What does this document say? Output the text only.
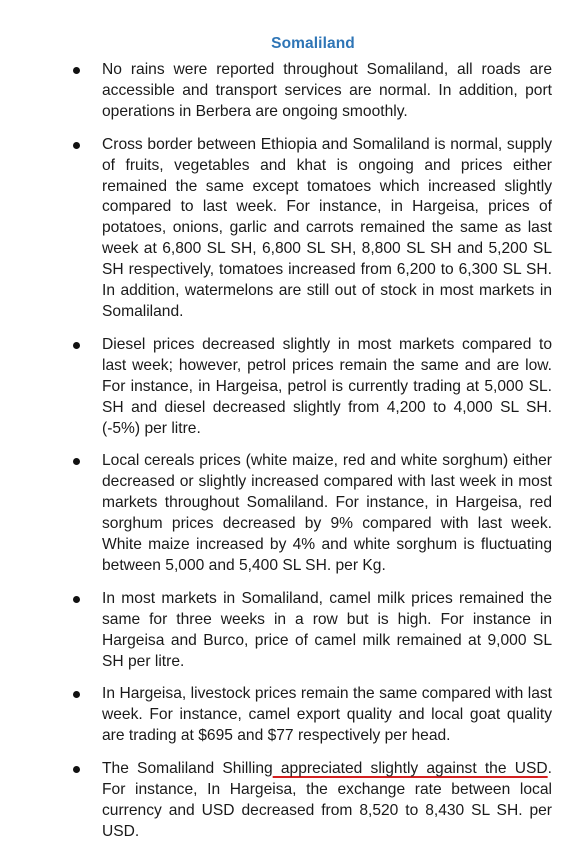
Somaliland
No rains were reported throughout Somaliland, all roads are accessible and transport services are normal. In addition, port operations in Berbera are ongoing smoothly.
Cross border between Ethiopia and Somaliland is normal, supply of fruits, vegetables and khat is ongoing and prices either remained the same except tomatoes which increased slightly compared to last week. For instance, in Hargeisa, prices of potatoes, onions, garlic and carrots remained the same as last week at 6,800 SL SH, 6,800 SL SH, 8,800 SL SH and 5,200 SL SH respectively, tomatoes increased from 6,200 to 6,300 SL SH. In addition, watermelons are still out of stock in most markets in Somaliland.
Diesel prices decreased slightly in most markets compared to last week; however, petrol prices remain the same and are low. For instance, in Hargeisa, petrol is currently trading at 5,000 SL. SH and diesel decreased slightly from 4,200 to 4,000 SL SH. (-5%) per litre.
Local cereals prices (white maize, red and white sorghum) either decreased or slightly increased compared with last week in most markets throughout Somaliland. For instance, in Hargeisa, red sorghum prices decreased by 9% compared with last week. White maize increased by 4% and white sorghum is fluctuating between 5,000 and 5,400 SL SH. per Kg.
In most markets in Somaliland, camel milk prices remained the same for three weeks in a row but is high. For instance in Hargeisa and Burco, price of camel milk remained at 9,000 SL SH per litre.
In Hargeisa, livestock prices remain the same compared with last week. For instance, camel export quality and local goat quality are trading at $695 and $77 respectively per head.
The Somaliland Shilling appreciated slightly against the USD. For instance, In Hargeisa, the exchange rate between local currency and USD decreased from 8,520 to 8,430 SL SH. per USD.
